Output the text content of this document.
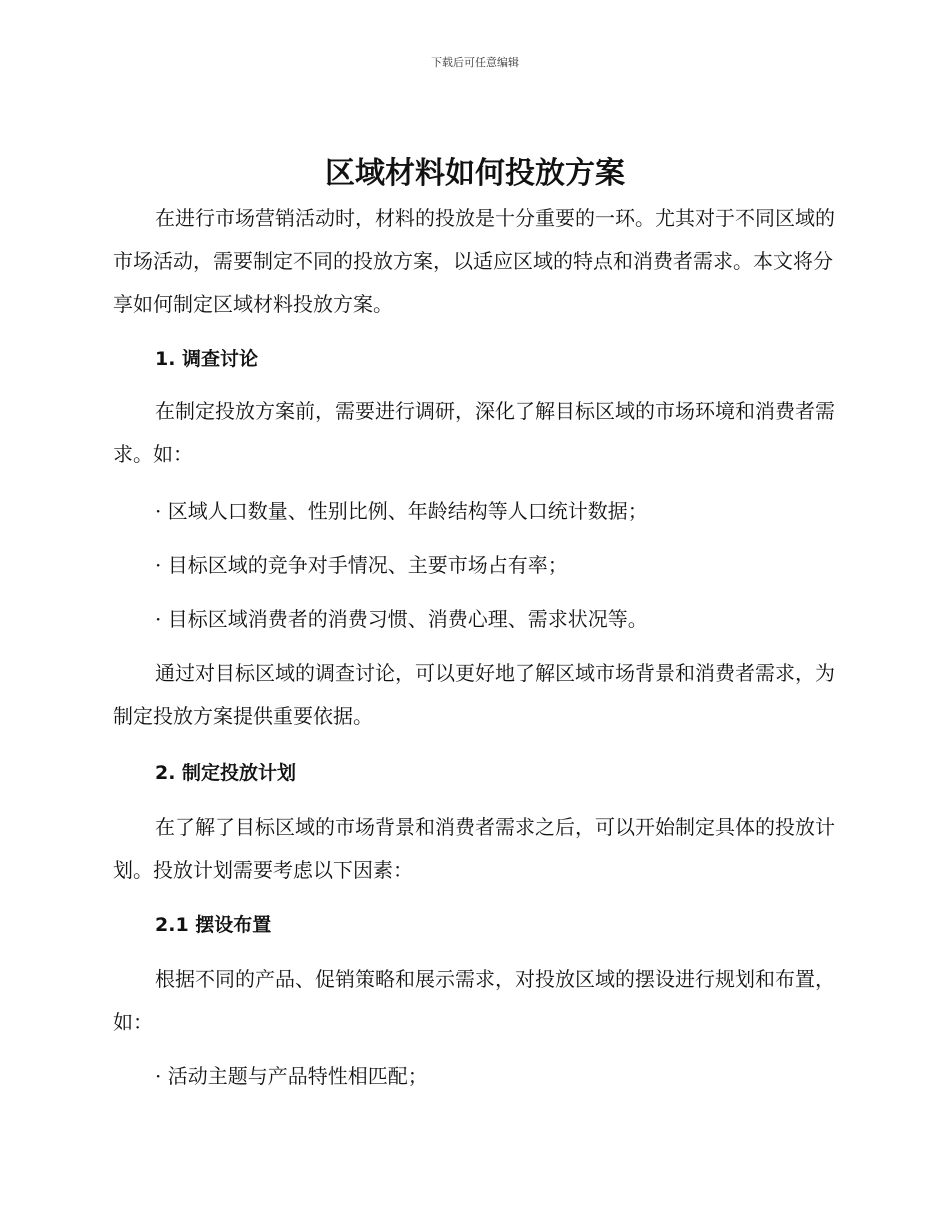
下载后可任意编辑
区域材料如何投放方案

在进行市场营销活动时，材料的投放是十分重要的一环。尤其对于不同区域的市场活动，需要制定不同的投放方案，以适应区域的特点和消费者需求。本文将分享如何制定区域材料投放方案。

1. 调查讨论

在制定投放方案前，需要进行调研，深化了解目标区域的市场环境和消费者需求。如：

· 区域人口数量、性别比例、年龄结构等人口统计数据；

· 目标区域的竞争对手情况、主要市场占有率；

· 目标区域消费者的消费习惯、消费心理、需求状况等。

通过对目标区域的调查讨论，可以更好地了解区域市场背景和消费者需求，为制定投放方案提供重要依据。

2. 制定投放计划

在了解了目标区域的市场背景和消费者需求之后，可以开始制定具体的投放计划。投放计划需要考虑以下因素：

2.1 摆设布置

根据不同的产品、促销策略和展示需求，对投放区域的摆设进行规划和布置，如：

· 活动主题与产品特性相匹配；
